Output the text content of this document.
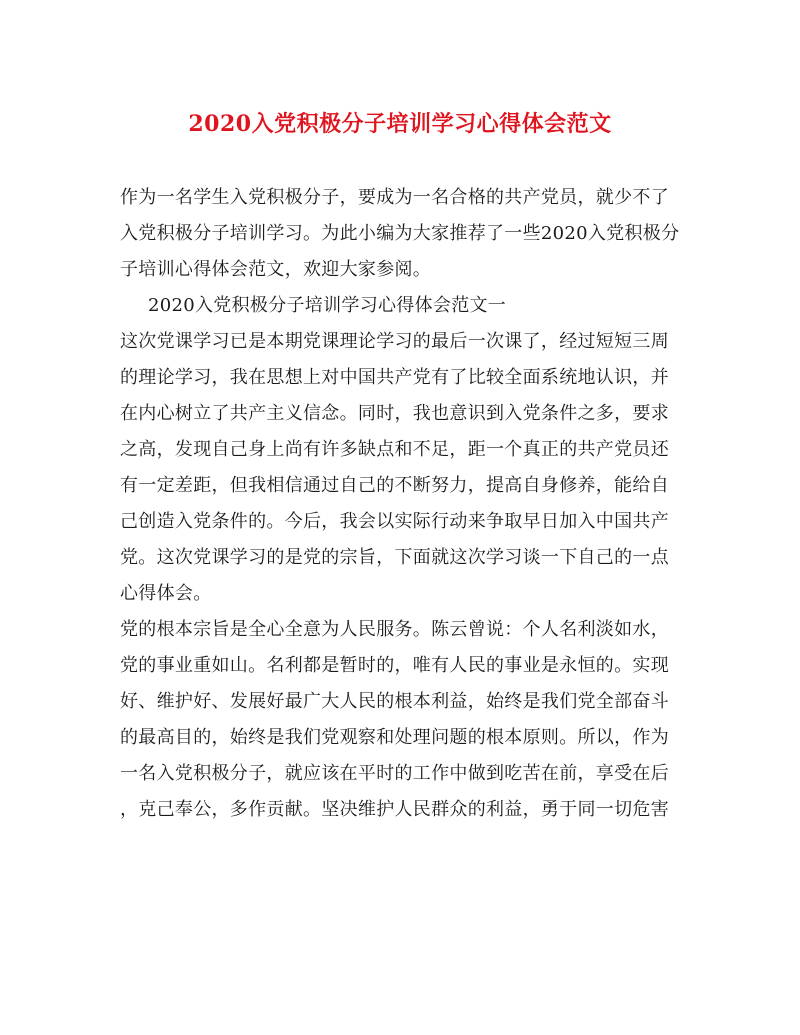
2020入党积极分子培训学习心得体会范文
作为一名学生入党积极分子，要成为一名合格的共产党员，就少不了
入党积极分子培训学习。为此小编为大家推荐了一些2020入党积极分
子培训心得体会范文，欢迎大家参阅。
2020入党积极分子培训学习心得体会范文一
这次党课学习已是本期党课理论学习的最后一次课了，经过短短三周
的理论学习，我在思想上对中国共产党有了比较全面系统地认识，并
在内心树立了共产主义信念。同时，我也意识到入党条件之多，要求
之高，发现自己身上尚有许多缺点和不足，距一个真正的共产党员还
有一定差距，但我相信通过自己的不断努力，提高自身修养，能给自
己创造入党条件的。今后，我会以实际行动来争取早日加入中国共产
党。这次党课学习的是党的宗旨，下面就这次学习谈一下自己的一点
心得体会。
党的根本宗旨是全心全意为人民服务。陈云曾说：个人名利淡如水，
党的事业重如山。名利都是暂时的，唯有人民的事业是永恒的。实现
好、维护好、发展好最广大人民的根本利益，始终是我们党全部奋斗
的最高目的，始终是我们党观察和处理问题的根本原则。所以，作为
一名入党积极分子，就应该在平时的工作中做到吃苦在前，享受在后
，克己奉公，多作贡献。坚决维护人民群众的利益，勇于同一切危害
